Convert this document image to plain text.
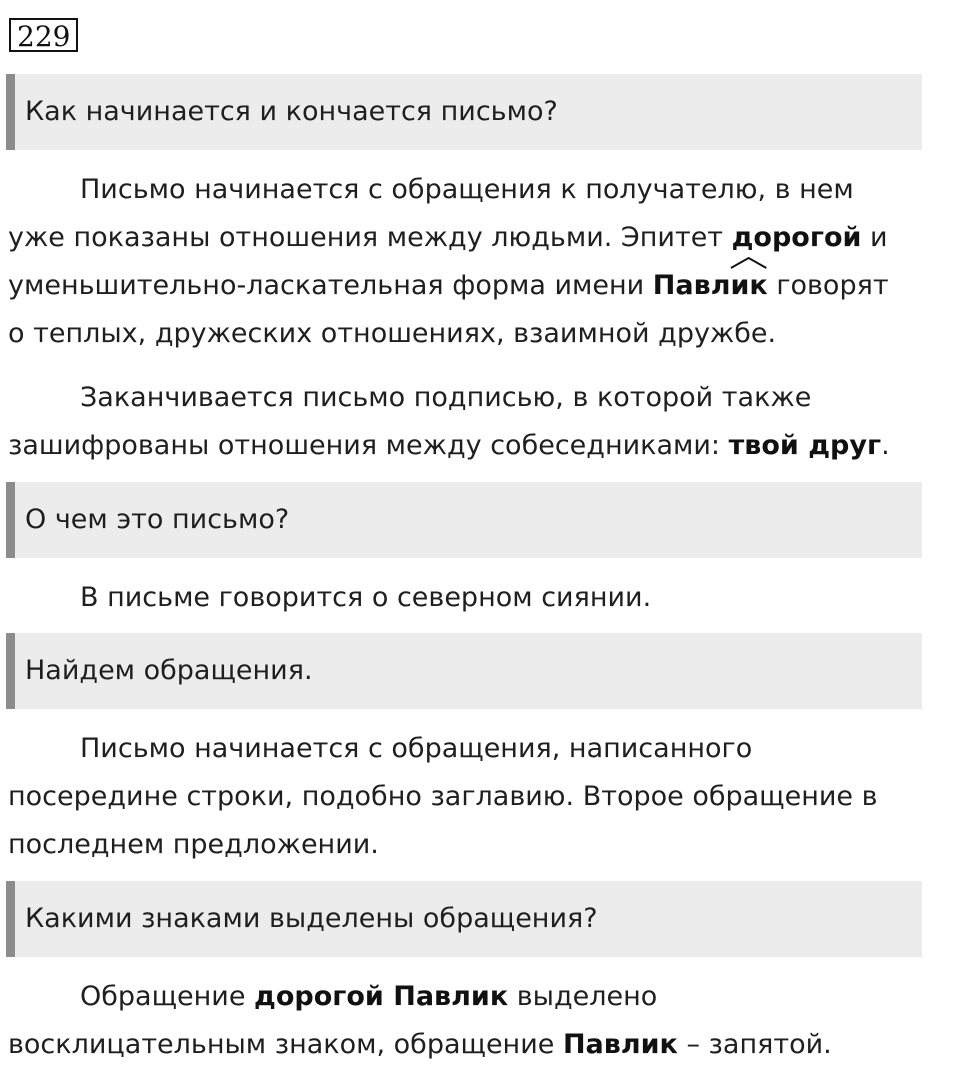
229
Как начинается и кончается письмо?
Письмо начинается с обращения к получателю, в нем
уже показаны отношения между людьми. Эпитет дорогой и
уменьшительно-ласкательная форма имени Павл
ик говорят
о теплых, дружеских отношениях, взаимной дружбе.
Заканчивается письмо подписью, в которой также
зашифрованы отношения между собеседниками: твой друг.
О чем это письмо?
В письме говорится о северном сиянии.
Найдем обращения.
Письмо начинается с обращения, написанного
посередине строки, подобно заглавию. Второе обращение в
последнем предложении.
Какими знаками выделены обращения?
Обращение дорогой Павлик выделено
восклицательным знаком, обращение Павлик – запятой.
